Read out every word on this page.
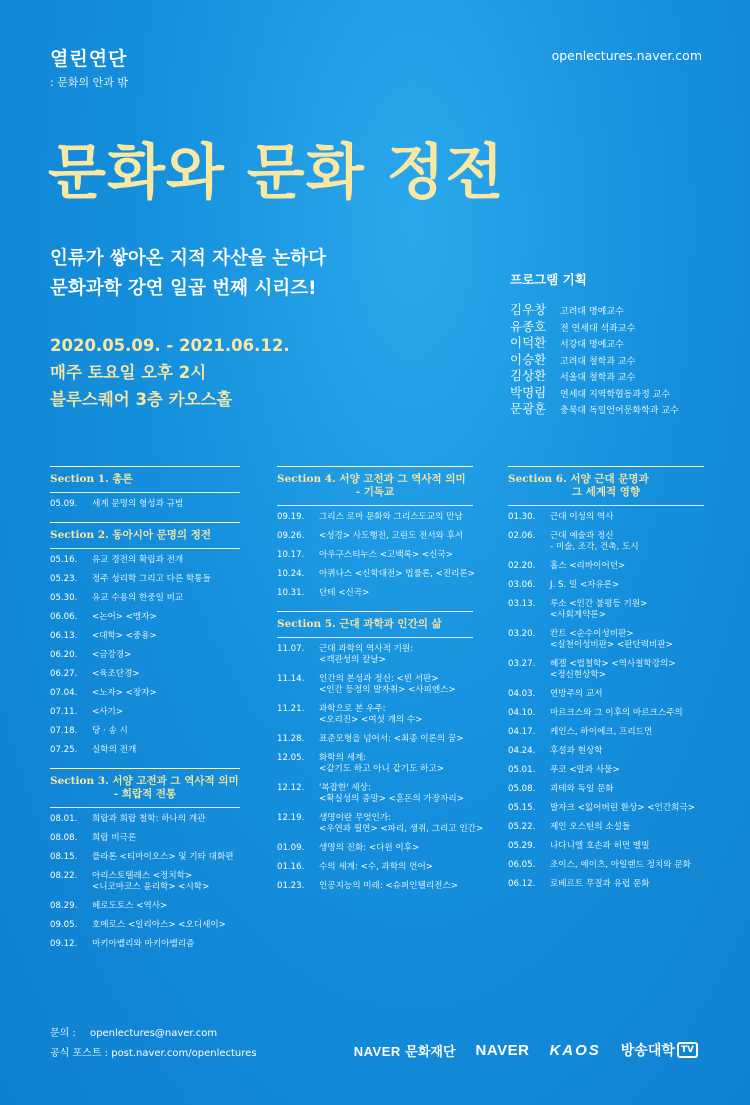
열린연단
: 문화의 안과 밖
openlectures.naver.com
문화와 문화 정전
인류가 쌓아온 지적 자산을 논하다
문화과학 강연 일곱 번째 시리즈!
2020.05.09. - 2021.06.12.
매주 토요일 오후 2시
블루스퀘어 3층 카오스홀
프로그램 기획
김우창	고려대 명예교수
유종호	전 연세대 석좌교수
이덕환	서강대 명예교수
이승환	고려대 철학과 교수
김상환	서울대 철학과 교수
박명림	연세대 지역학협동과정 교수
문광훈	충북대 독일언어문화학과 교수
Section 1. 총론
05.09.	세계 문명의 형성과 규범
Section 2. 동아시아 문명의 정전
05.16.	유교 경전의 확립과 전개
05.23.	정주 성리학 그리고 다른 학통들
05.30.	유교 수용의 한중일 비교
06.06.	<논어> <맹자>
06.13.	<대학> <중용>
06.20.	<금강경>
06.27.	<육조단경>
07.04.	<노자> <장자>
07.11.	<사기>
07.18.	당 · 송 시
07.25.	실학의 전개
Section 3. 서양 고전과 그 역사적 의미
- 희랍적 전통
08.01.	희랍과 희랍 철학: 하나의 개관
08.08.	희랍 비극론
08.15.	플라톤 <티마이오스> 및 기타 대화편
08.22.	아리스토텔레스 <정치학>
<니코마코스 윤리학> <시학>
08.29.	헤로도토스 <역사>
09.05.	호메로스 <일리아스> <오디세이>
09.12.	마키아벨리와 마키아벨리즘
Section 4. 서양 고전과 그 역사적 의미
- 기독교
09.19.	그리스 로마 문화와 그리스도교의 만남
09.26.	<성경> 사도행전, 고린도 전서와 후서
10.17.	아우구스티누스 <고백록> <신국>
10.24.	아퀴나스 <신학대전> 법률론, <진리론>
10.31.	단테 <신곡>
Section 5. 근대 과학과 인간의 삶
11.07.	근대 과학의 역사적 기원:
<객관성의 칼날>
11.14.	인간의 본성과 정신: <빈 서판>
<인간 등정의 발자취> <사피엔스>
11.21.	과학으로 본 우주:
<오리진> <여섯 개의 수>
11.28.	표준모형을 넘어서: <최종 이론의 꿈>
12.05.	화학의 세계:
<같기도 하고 아니 같기도 하고>
12.12.	'복잡한' 세상:
<확실성의 종말> <혼돈의 가장자리>
12.19.	생명이란 무엇인가:
<우연과 필연> <파리, 생쥐, 그리고 인간>
01.09.	생명의 진화: <다윈 이후>
01.16.	수의 세계: <수, 과학의 언어>
01.23.	인공지능의 미래: <슈퍼인텔리전스>
Section 6. 서양 근대 문명과
그 세계적 영향
01.30.	근대 이성의 역사
02.06.	근대 예술과 정신
- 미술, 조각, 건축, 도시
02.20.	홉스 <리바이어던>
03.06.	J. S. 밀 <자유론>
03.13.	루소 <인간 불평등 기원>
<사회계약론>
03.20.	칸트 <순수이성비판>
<실천이성비판> <판단력비판>
03.27.	헤겔 <법철학> <역사철학강의>
<정신현상학>
04.03.	연방주의 교서
04.10.	마르크스와 그 이후의 마르크스주의
04.17.	케인스, 하이에크, 프리드먼
04.24.	후설과 현상학
05.01.	푸코 <말과 사물>
05.08.	괴테와 독일 문화
05.15.	발자크 <잃어버린 환상> <인간희극>
05.22.	제인 오스틴의 소설들
05.29.	나다니엘 호손과 허먼 멜빌
06.05.	조이스, 예이츠, 아일랜드 정치와 문화
06.12.	로베르트 무질과 유럽 문화
문의 : openlectures@naver.com
공식 포스트 : post.naver.com/openlectures	NAVER 문화재단 NAVER KAOS 방송대학 TV
